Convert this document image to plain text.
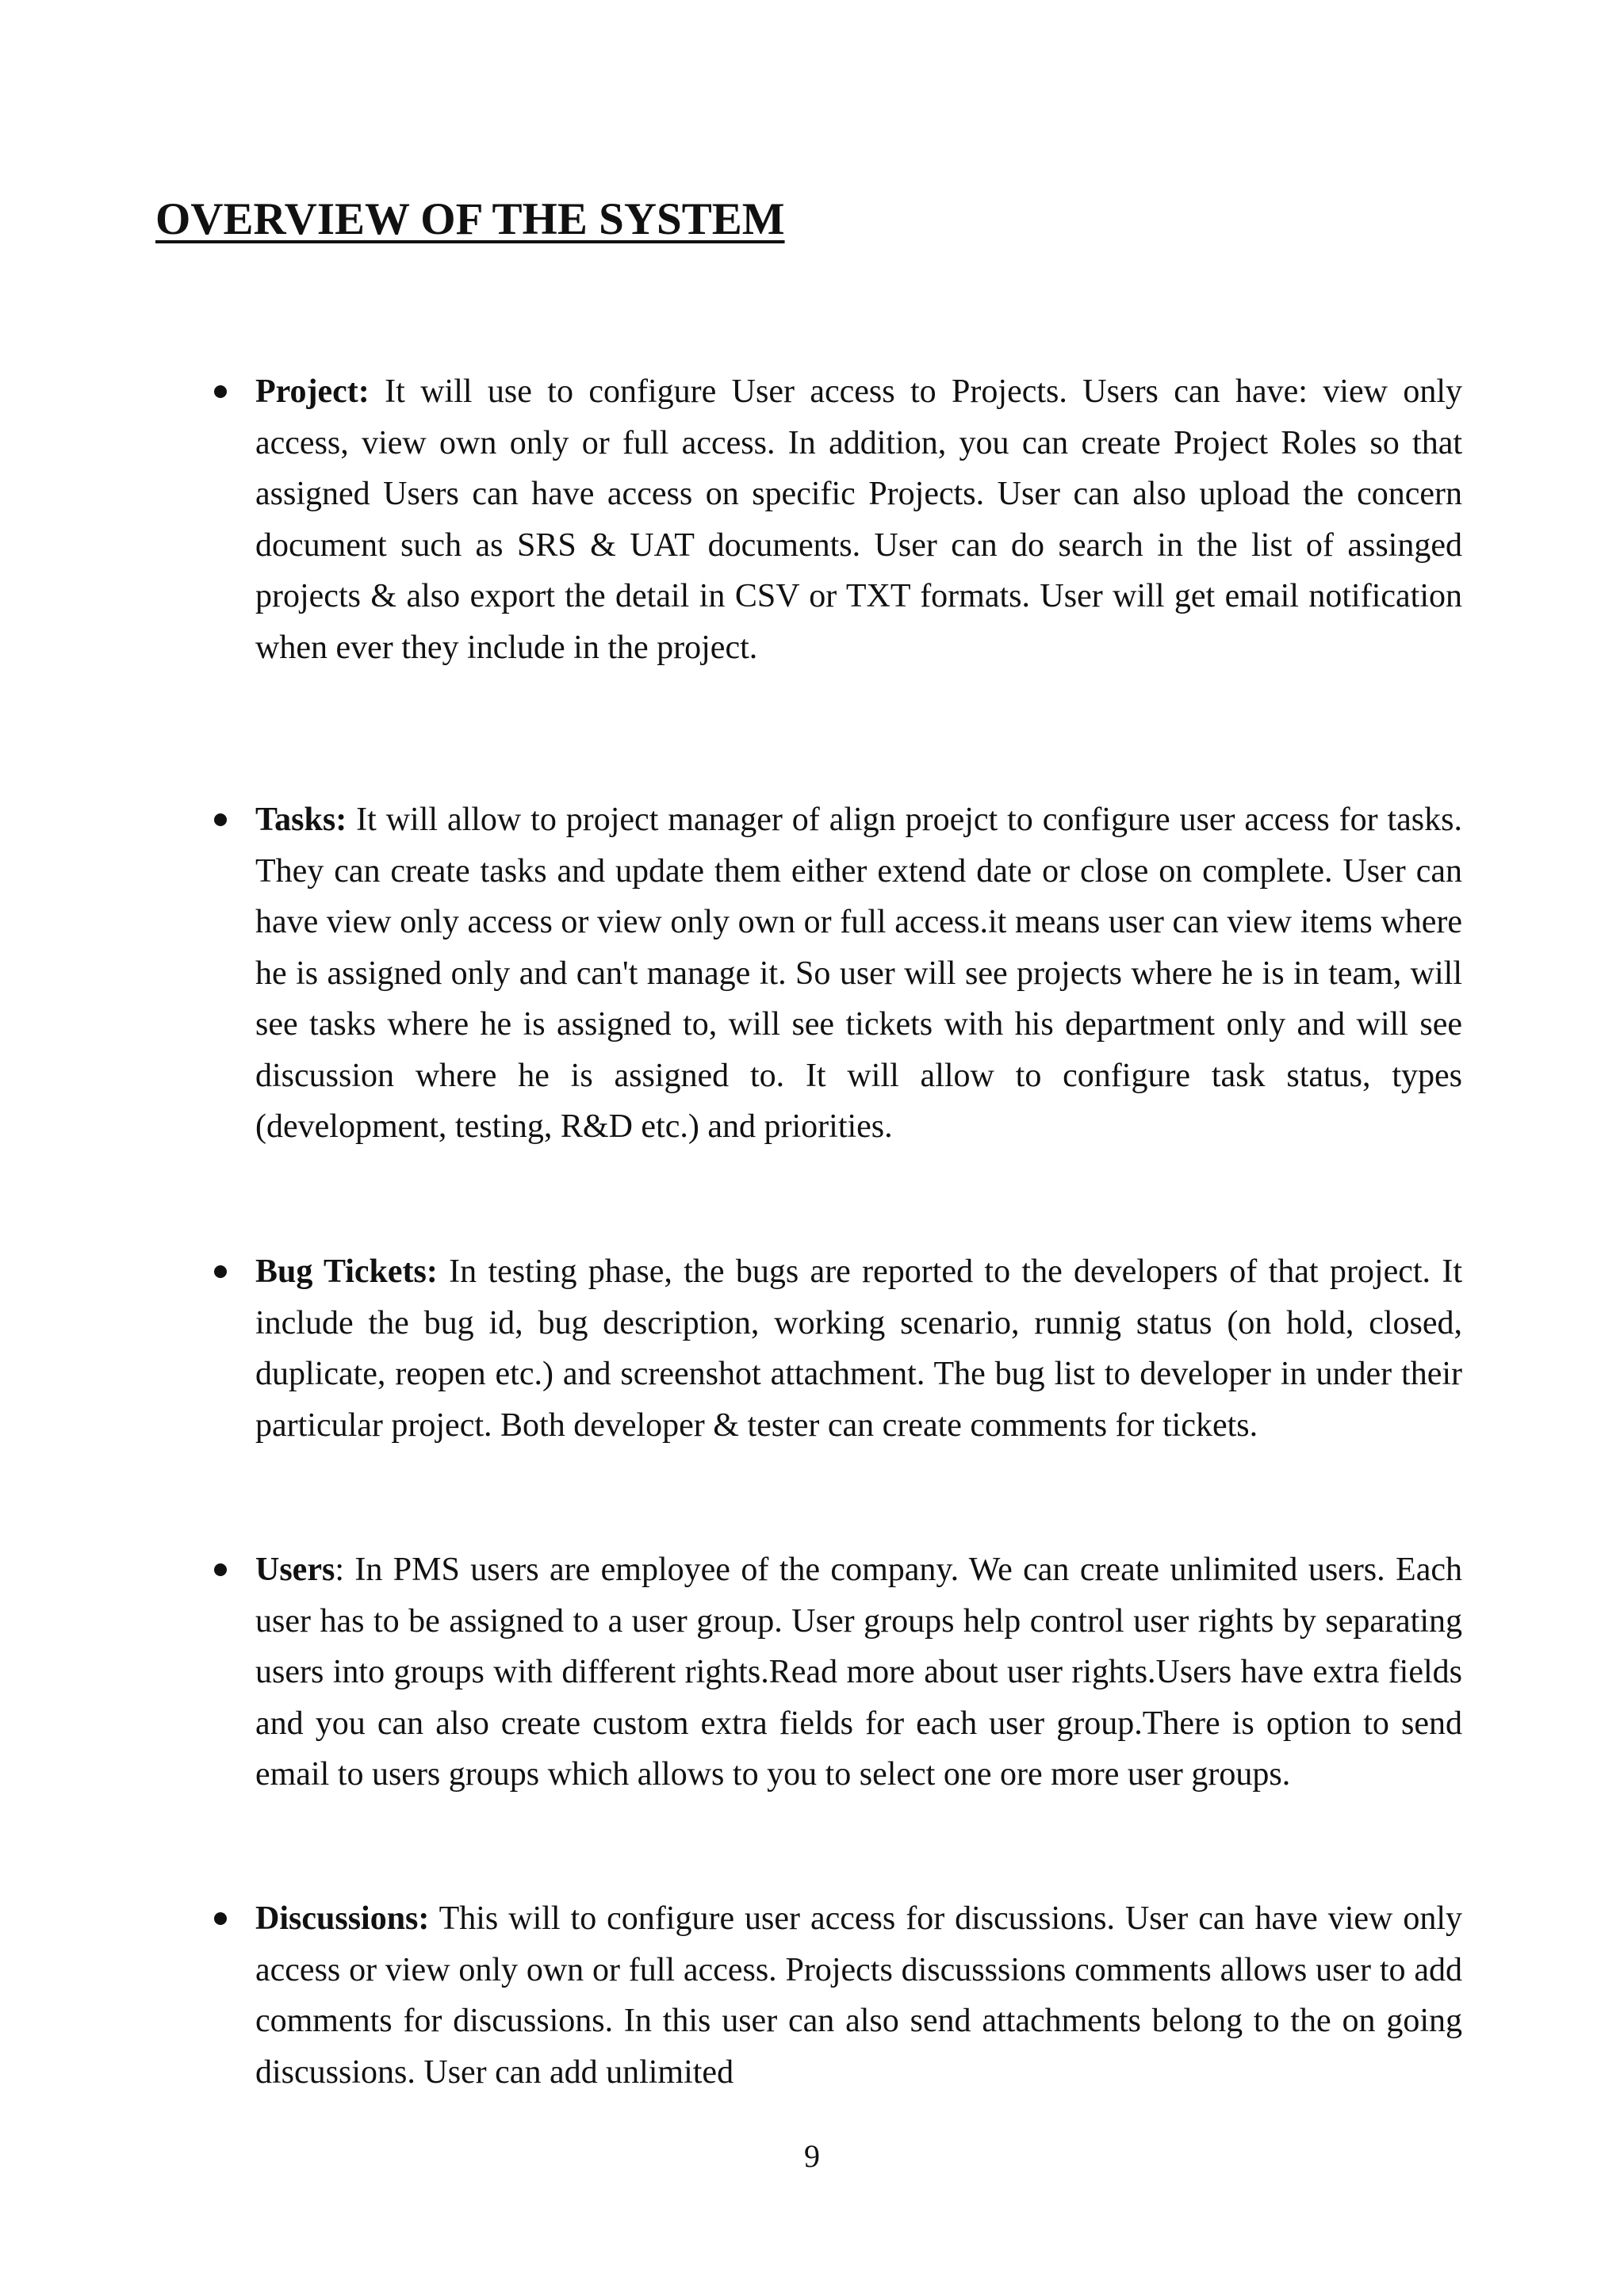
OVERVIEW OF THE SYSTEM
Project: It will use to configure User access to Projects. Users can have: view only access, view own only or full access. In addition, you can create Project Roles so that assigned Users can have access on specific Projects. User can also upload the concern document such as SRS & UAT documents. User can do search in the list of assinged projects & also export the detail in CSV or TXT formats. User will get email notification when ever they include in the project.
Tasks: It will allow to project manager of align proejct to configure user access for tasks. They can create tasks and update them either extend date or close on complete. User can have view only access or view only own or full access.it means user can view items where he is assigned only and can't manage it. So user will see projects where he is in team, will see tasks where he is assigned to, will see tickets with his department only and will see discussion where he is assigned to. It will allow to configure task status, types (development, testing, R&D etc.) and priorities.
Bug Tickets: In testing phase, the bugs are reported to the developers of that project. It include the bug id, bug description, working scenario, runnig status (on hold, closed, duplicate, reopen etc.) and screenshot attachment. The bug list to developer in under their particular project. Both developer & tester can create comments for tickets.
Users: In PMS users are employee of the company. We can create unlimited users. Each user has to be assigned to a user group. User groups help control user rights by separating users into groups with different rights.Read more about user rights.Users have extra fields and you can also create custom extra fields for each user group.There is option to send email to users groups which allows to you to select one ore more user groups.
Discussions: This will to configure user access for discussions. User can have view only access or view only own or full access. Projects discusssions comments allows user to add comments for discussions. In this user can also send attachments belong to the on going discussions. User can add unlimited

9
